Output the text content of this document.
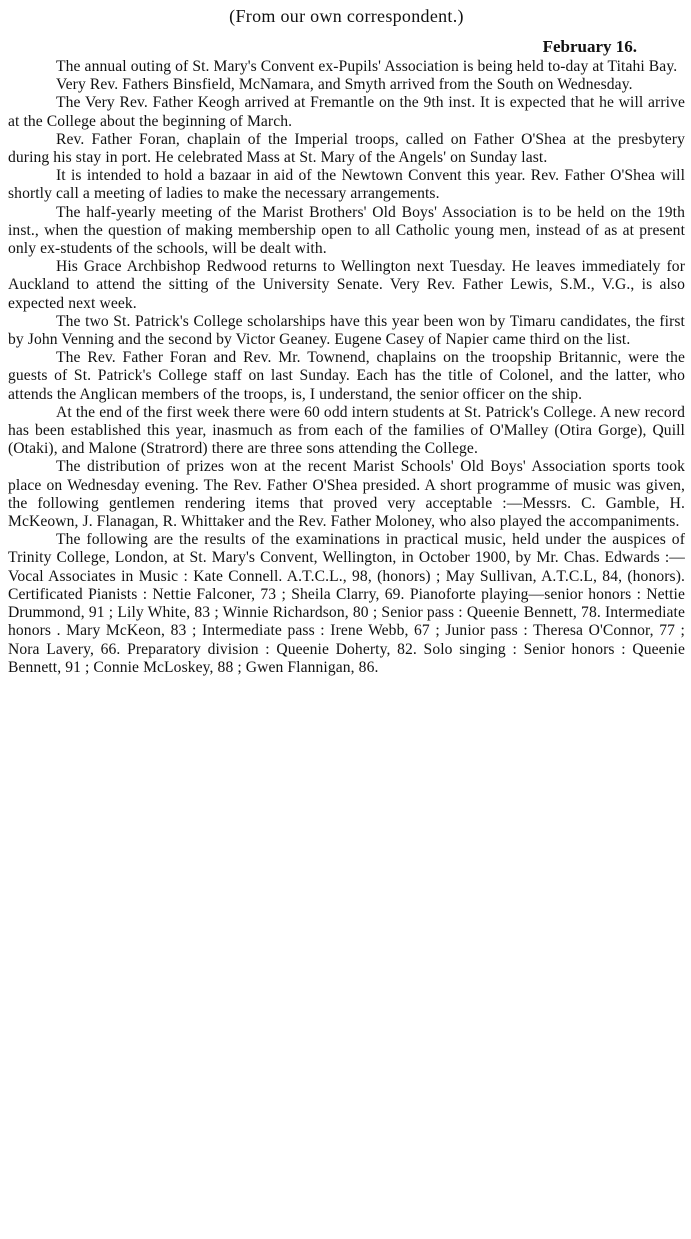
(From our own correspondent.)
February 16.

The annual outing of St. Mary's Convent ex-Pupils' Association is being held to-day at Titahi Bay.

Very Rev. Fathers Binsfield, McNamara, and Smyth arrived from the South on Wednesday.

The Very Rev. Father Keogh arrived at Fremantle on the 9th inst. It is expected that he will arrive at the College about the beginning of March.

Rev. Father Foran, chaplain of the Imperial troops, called on Father O'Shea at the presbytery during his stay in port. He celebrated Mass at St. Mary of the Angels' on Sunday last.

It is intended to hold a bazaar in aid of the Newtown Convent this year. Rev. Father O'Shea will shortly call a meeting of ladies to make the necessary arrangements.

The half-yearly meeting of the Marist Brothers' Old Boys' Association is to be held on the 19th inst., when the question of making membership open to all Catholic young men, instead of as at present only ex-students of the schools, will be dealt with.

His Grace Archbishop Redwood returns to Wellington next Tuesday. He leaves immediately for Auckland to attend the sitting of the University Senate. Very Rev. Father Lewis, S.M., V.G., is also expected next week.

The two St. Patrick's College scholarships have this year been won by Timaru candidates, the first by John Venning and the second by Victor Geaney. Eugene Casey of Napier came third on the list.

The Rev. Father Foran and Rev. Mr. Townend, chaplains on the troopship Britannic, were the guests of St. Patrick's College staff on last Sunday. Each has the title of Colonel, and the latter, who attends the Anglican members of the troops, is, I understand, the senior officer on the ship.

At the end of the first week there were 60 odd intern students at St. Patrick's College. A new record has been established this year, inasmuch as from each of the families of O'Malley (Otira Gorge), Quill (Otaki), and Malone (Stratrord) there are three sons attending the College.

The distribution of prizes won at the recent Marist Schools' Old Boys' Association sports took place on Wednesday evening. The Rev. Father O'Shea presided. A short programme of music was given, the following gentlemen rendering items that proved very acceptable :—Messrs. C. Gamble, H. McKeown, J. Flanagan, R. Whittaker and the Rev. Father Moloney, who also played the accompaniments.

The following are the results of the examinations in practical music, held under the auspices of Trinity College, London, at St. Mary's Convent, Wellington, in October 1900, by Mr. Chas. Edwards :—Vocal Associates in Music : Kate Connell. A.T.C.L., 98, (honors) ; May Sullivan, A.T.C.L, 84, (honors). Certificated Pianists : Nettie Falconer, 73 ; Sheila Clarry, 69. Pianoforte playing—senior honors : Nettie Drummond, 91 ; Lily White, 83 ; Winnie Richardson, 80 ; Senior pass : Queenie Bennett, 78. Intermediate honors . Mary McKeon, 83 ; Intermediate pass : Irene Webb, 67 ; Junior pass : Theresa O'Connor, 77 ; Nora Lavery, 66. Preparatory division : Queenie Doherty, 82. Solo singing : Senior honors : Queenie Bennett, 91 ; Connie McLoskey, 88 ; Gwen Flannigan, 86.
